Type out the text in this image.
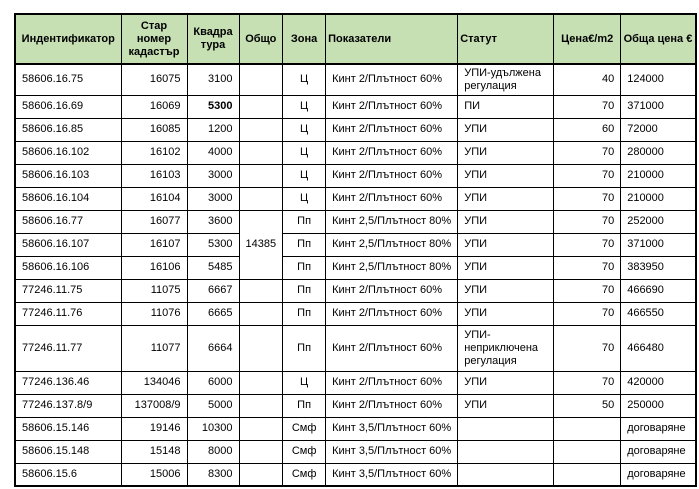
Индентификатор	Стар номер кадастър	Квадра тура	Общо	Зона	Показатели	Статут	Цена€/m2	Обща цена €
58606.16.75	16075	3100		Ц	Кинт 2/Плътност 60%	УПИ-удължена регулация	40	124000
58606.16.69	16069	5300		Ц	Кинт 2/Плътност 60%	ПИ	70	371000
58606.16.85	16085	1200		Ц	Кинт 2/Плътност 60%	УПИ	60	72000
58606.16.102	16102	4000		Ц	Кинт 2/Плътност 60%	УПИ	70	280000
58606.16.103	16103	3000		Ц	Кинт 2/Плътност 60%	УПИ	70	210000
58606.16.104	16104	3000		Ц	Кинт 2/Плътност 60%	УПИ	70	210000
58606.16.77	16077	3600	14385	Пп	Кинт 2,5/Плътност 80%	УПИ	70	252000
58606.16.107	16107	5300		Пп	Кинт 2,5/Плътност 80%	УПИ	70	371000
58606.16.106	16106	5485		Пп	Кинт 2,5/Плътност 80%	УПИ	70	383950
77246.11.75	11075	6667		Пп	Кинт 2/Плътност 60%	УПИ	70	466690
77246.11.76	11076	6665		Пп	Кинт 2/Плътност 60%	УПИ	70	466550
77246.11.77	11077	6664		Пп	Кинт 2/Плътност 60%	УПИ-неприключена регулация	70	466480
77246.136.46	134046	6000		Ц	Кинт 2/Плътност 60%	УПИ	70	420000
77246.137.8/9	137008/9	5000		Пп	Кинт 2/Плътност 60%	УПИ	50	250000
58606.15.146	19146	10300		Смф	Кинт 3,5/Плътност 60%			договаряне
58606.15.148	15148	8000		Смф	Кинт 3,5/Плътност 60%			договаряне
58606.15.6	15006	8300		Смф	Кинт 3,5/Плътност 60%			договаряне
